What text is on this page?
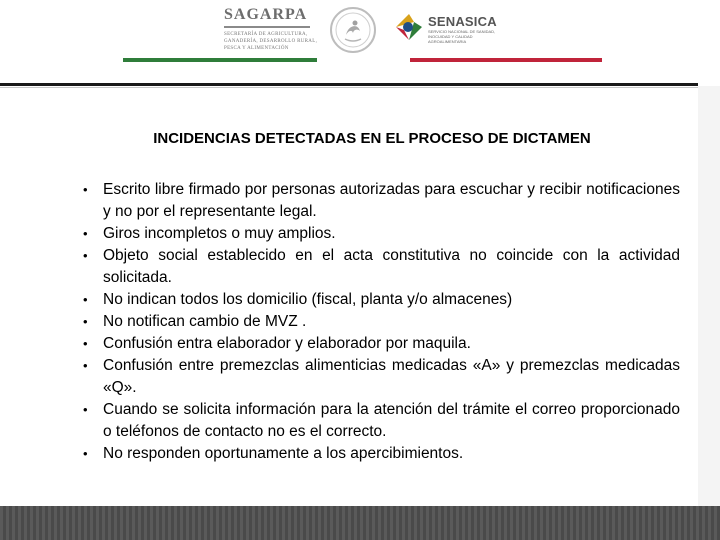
SAGARPA
SECRETARÍA DE AGRICULTURA, GANADERÍA, DESARROLLO RURAL, PESCA Y ALIMENTACIÓN
SENASICA
SERVICIO NACIONAL DE SANIDAD, INOCUIDAD Y CALIDAD AGROALIMENTARIA
INCIDENCIAS DETECTADAS EN EL PROCESO DE DICTAMEN
• Escrito libre firmado por personas autorizadas para escuchar y recibir notificaciones y no por el representante legal.
• Giros incompletos o muy amplios.
• Objeto social establecido en el acta constitutiva no coincide con la actividad solicitada.
• No indican todos los domicilio (fiscal, planta y/o almacenes)
• No notifican cambio de MVZ .
• Confusión entra elaborador y elaborador por maquila.
• Confusión entre premezclas alimenticias medicadas «A» y premezclas medicadas «Q».
• Cuando se solicita información para la atención del trámite el correo proporcionado o teléfonos de contacto no es el correcto.
• No responden oportunamente a los apercibimientos.
